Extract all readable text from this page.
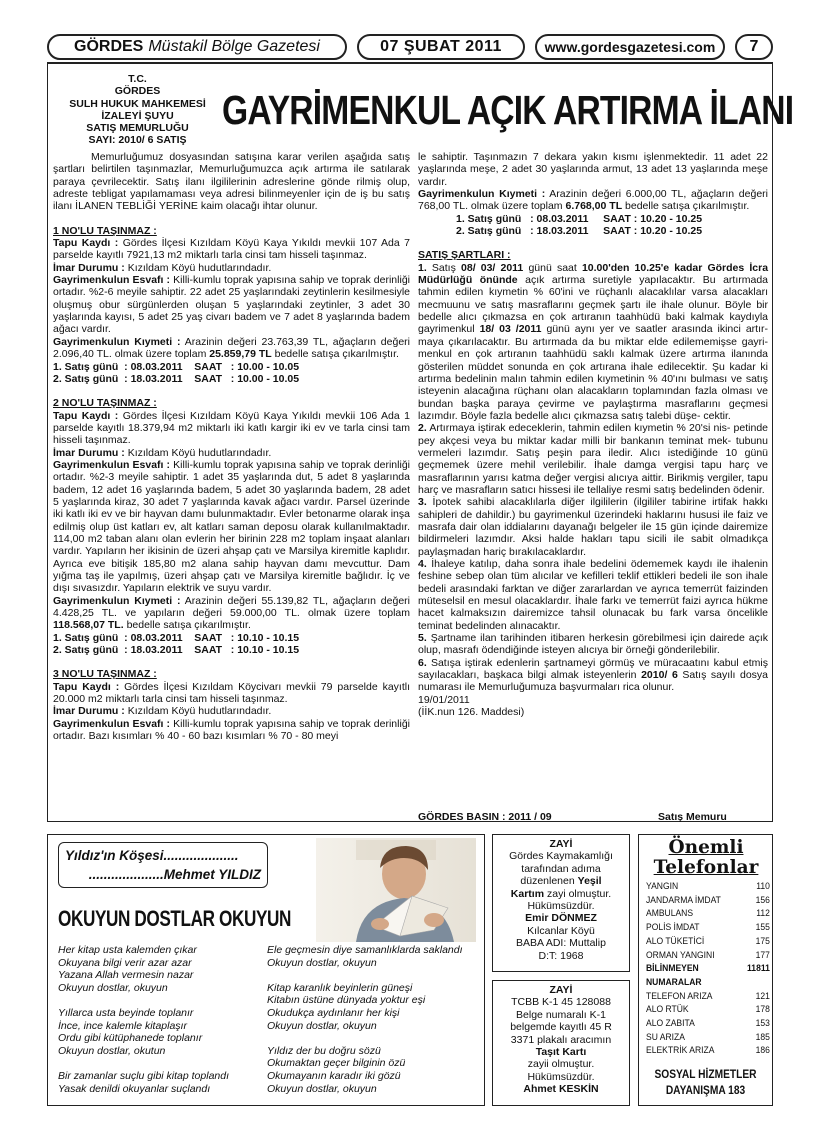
GÖRDES Müstakil Bölge Gazetesi	07 ŞUBAT 2011	www.gordesgazetesi.com	7
T.C.
GÖRDES
SULH HUKUK MAHKEMESİ
İZALEYİ ŞUYU
SATIŞ MEMURLUĞU
SAYI: 2010/ 6 SATIŞ
GAYRİMENKUL AÇIK ARTIRMA İLANI

Memurluğumuz dosyasından satışına karar verilen aşağıda satış şartları belirtilen taşınmazlar, Memurluğumuzca açık artırma ile satılarak paraya çevrilecektir. Satış ilanı ilgililerinin adreslerine gönde rilmiş olup, adreste tebligat yapılamaması veya adresi bilinmeyenler için de iş bu satış ilanı İLANEN TEBLİĞİ YERİNE kaim olacağı ihtar olunur.

1 NO'LU TAŞINMAZ :

Tapu Kaydı : Gördes İlçesi Kızıldam Köyü Kaya Yıkıldı mevkii 107 Ada 7 parselde kayıtlı 7921,13 m2 miktarlı tarla cinsi tam hisseli taşınmaz.

İmar Durumu : Kızıldam Köyü hudutlarındadır.

Gayrimenkulun Esvafı : Killi-kumlu toprak yapısına sahip ve toprak derinliği ortadır. %2-6 meyile sahiptir. 22 adet 25 yaşlarındaki zeytinlerin kesilmesiyle oluşmuş obur sürgünlerden oluşan 5 yaşlarındaki zeytinler, 3 adet 30 yaşlarında kayısı, 5 adet 25 yaş civarı badem ve 7 adet 8 yaşlarında badem ağacı vardır.

Gayrimenkulun Kıymeti : Arazinin değeri 23.763,39 TL, ağaçların değeri 2.096,40 TL. olmak üzere toplam 25.859,79 TL bedelle satışa çıkarılmıştır.

1. Satış günü  : 08.03.2011    SAAT   : 10.00 - 10.05

2. Satış günü  : 18.03.2011    SAAT   : 10.00 - 10.05

2 NO'LU TAŞINMAZ :

Tapu Kaydı : Gördes İlçesi Kızıldam Köyü Kaya Yıkıldı mevkii 106 Ada 1 parselde kayıtlı 18.379,94 m2 miktarlı iki katlı kargir iki ev ve tarla cinsi tam hisseli taşınmaz.

İmar Durumu : Kızıldam Köyü hudutlarındadır.

Gayrimenkulun Esvafı : Killi-kumlu toprak yapısına sahip ve toprak derinliği ortadır. %2-3 meyile sahiptir. 1 adet 35 yaşlarında dut, 5 adet 8 yaşlarında badem, 12 adet 16 yaşlarında badem, 5 adet 30 yaşlarında badem, 28 adet 5 yaşlarında kiraz, 30 adet 7 yaşlarında kavak ağacı vardır. Parsel üzerinde iki katlı iki ev ve bir hayvan damı bulunmaktadır. Evler betonarme olarak inşa edilmiş olup üst katları ev, alt katları saman deposu olarak kullanılmaktadır. 114,00 m2 taban alanı olan evlerin her birinin 228 m2 toplam inşaat alanları vardır. Yapıların her ikisinin de üzeri ahşap çatı ve Marsilya kiremitle kaplıdır. Ayrıca eve bitişik 185,80 m2 alana sahip hayvan damı mevcuttur. Dam yığma taş ile yapılmış, üzeri ahşap çatı ve Marsilya kiremitle bağlıdır. İç ve dışı sıvasızdır. Yapıların elektrik ve suyu vardır.

Gayrimenkulun Kıymeti : Arazinin değeri 55.139,82 TL, ağaçların değeri 4.428,25 TL. ve yapıların değeri 59.000,00 TL. olmak üzere toplam 118.568,07 TL. bedelle satışa çıkarılmıştır.

1. Satış günü  : 08.03.2011    SAAT   : 10.10 - 10.15

2. Satış günü  : 18.03.2011    SAAT   : 10.10 - 10.15

3 NO'LU TAŞINMAZ :

Tapu Kaydı : Gördes İlçesi Kızıldam Köycivarı mevkii 79 parselde kayıtlı 20.000 m2 miktarlı tarla cinsi tam hisseli taşınmaz.

İmar Durumu : Kızıldam Köyü hudutlarındadır.

Gayrimenkulun Esvafı : Killi-kumlu toprak yapısına sahip ve toprak derinliği ortadır. Bazı kısımları % 40 - 60 bazı kısımları % 70 - 80 meyi

le sahiptir. Taşınmazın 7 dekara yakın kısmı işlenmektedir. 11 adet 22 yaşlarında meşe, 2 adet 30 yaşlarında armut, 13 adet 13 yaşlarında meşe vardır.

Gayrimenkulun Kıymeti : Arazinin değeri 6.000,00 TL, ağaçların değeri 768,00 TL. olmak üzere toplam 6.768,00 TL bedelle satışa çıkarılmıştır.

1. Satış günü   : 08.03.2011     SAAT : 10.20 - 10.25

2. Satış günü   : 18.03.2011     SAAT : 10.20 - 10.25

SATIŞ ŞARTLARI :

1. Satış 08/ 03/ 2011 günü saat 10.00'den 10.25'e kadar Gördes İcra Müdürlüğü önünde açık artırma suretiyle yapılacaktır. Bu artırmada tahmin edilen kıymetin % 60'ini ve rüçhanlı alacaklılar varsa alacakları mecmuunu ve satış masraflarını geçmek şartı ile ihale olunur. Böyle bir bedelle alıcı çıkmazsa en çok artıranın taahhüdü baki kalmak kaydıyla gayrimenkul 18/ 03 /2011 günü aynı yer ve saatler arasında ikinci artır- maya çıkarılacaktır. Bu artırmada da bu miktar elde edilememişse gayri- menkul en çok artıranın taahhüdü saklı kalmak üzere artırma ilanında gösterilen müddet sonunda en çok artırana ihale edilecektir. Şu kadar ki artırma bedelinin malın tahmin edilen kıymetinin % 40'ını bulması ve satış isteyenin alacağına rüçhanı olan alacakların toplamından fazla olması ve bundan başka paraya çevirme ve paylaştırma masraflarını geçmesi lazımdır. Böyle fazla bedelle alıcı çıkmazsa satış talebi düşe- cektir.

2. Artırmaya iştirak edeceklerin, tahmin edilen kıymetin % 20'si nis- petinde pey akçesi veya bu miktar kadar milli bir bankanın teminat mek- tubunu vermeleri lazımdır. Satış peşin para iledir. Alıcı istediğinde 10 günü geçmemek üzere mehil verilebilir. İhale damga vergisi tapu harç ve masraflarının yarısı katma değer vergisi alıcıya aittir. Birikmiş vergiler, tapu harç ve masrafların satıcı hissesi ile tellaliye resmi satış bedelinden ödenir.

3. İpotek sahibi alacaklılarla diğer ilgililerin (ilgililer tabirine irtifak hakkı sahipleri de dahildir.) bu gayrimenkul üzerindeki haklarını hususi ile faiz ve masrafa dair olan iddialarını dayanağı belgeler ile 15 gün içinde dairemize bildirmeleri lazımdır. Aksi halde hakları tapu sicili ile sabit olmadıkça paylaşmadan hariç bırakılacaklardır.

4. İhaleye katılıp, daha sonra ihale bedelini ödememek kaydı ile ihalenin feshine sebep olan tüm alıcılar ve kefilleri teklif ettikleri bedeli ile son ihale bedeli arasındaki farktan ve diğer zararlardan ve ayrıca temerrüt faizinden müteselsil en mesul olacaklardır. İhale farkı ve temerrüt faizi ayrıca hükme hacet kalmaksızın dairemizce tahsil olunacak bu fark varsa öncelikle teminat bedelinden alınacaktır.

5. Şartname ilan tarihinden itibaren herkesin görebilmesi için dairede açık olup, masrafı ödendiğinde isteyen alıcıya bir örneği gönderilebilir.

6. Satışa iştirak edenlerin şartnameyi görmüş ve müracaatını kabul etmiş sayılacakları, başkaca bilgi almak isteyenlerin 2010/ 6 Satış sayılı dosya numarası ile Memurluğumuza başvurmaları rica olunur.

19/01/2011

(İİK.nun 126. Maddesi)

GÖRDES BASIN : 2011 / 09	Satış Memuru
Yıldız'ın Köşesi....................
....................Mehmet YILDIZ
OKUYUN DOSTLAR OKUYUN
Her kitap usta kalemden çıkar
Okuyana bilgi verir azar azar
Yazana Allah vermesin nazar
Okuyun dostlar, okuyun
Yıllarca usta beyinde toplanır
İnce, ince kalemle kitaplaşır
Ordu gibi kütüphanede toplanır
Okuyun dostlar, okutun
Bir zamanlar suçlu gibi kitap toplandı
Yasak denildi okuyanlar suçlandı
Ele geçmesin diye samanlıklarda saklandı
Okuyun dostlar, okuyun
Kitap karanlık beyinlerin güneşi
Kitabın üstüne dünyada yoktur eşi
Okudukça aydınlanır her kişi
Okuyun dostlar, okuyun
Yıldız der bu doğru sözü
Okumaktan geçer bilginin özü
Okumayanın karadır iki gözü
Okuyun dostlar, okuyun
ZAYİ
Gördes Kaymakamlığı
tarafından adıma
düzenlenen Yeşil
Kartım zayi olmuştur.
Hükümsüzdür.
Emir DÖNMEZ
Kılcanlar Köyü
BABA ADI: Muttalip
D:T: 1968
ZAYİ
TCBB K-1 45 128088
Belge numaralı K-1
belgemde kayıtlı 45 R
3371 plakalı aracımın
Taşıt Kartı
zayii olmuştur.
Hükümsüzdür.
Ahmet KESKİN
Önemli
Telefonlar
YANGIN	110
JANDARMA İMDAT	156
AMBULANS	112
POLİS İMDAT	155
ALO TÜKETİCİ	175
ORMAN YANGINI	177
BİLİNMEYEN NUMARALAR
11811
TELEFON ARIZA	121
ALO RTÜK	178
ALO ZABITA	153
SU ARIZA	185
ELEKTRİK ARIZA	186
SOSYAL HİZMETLER
DAYANIŞMA 183
